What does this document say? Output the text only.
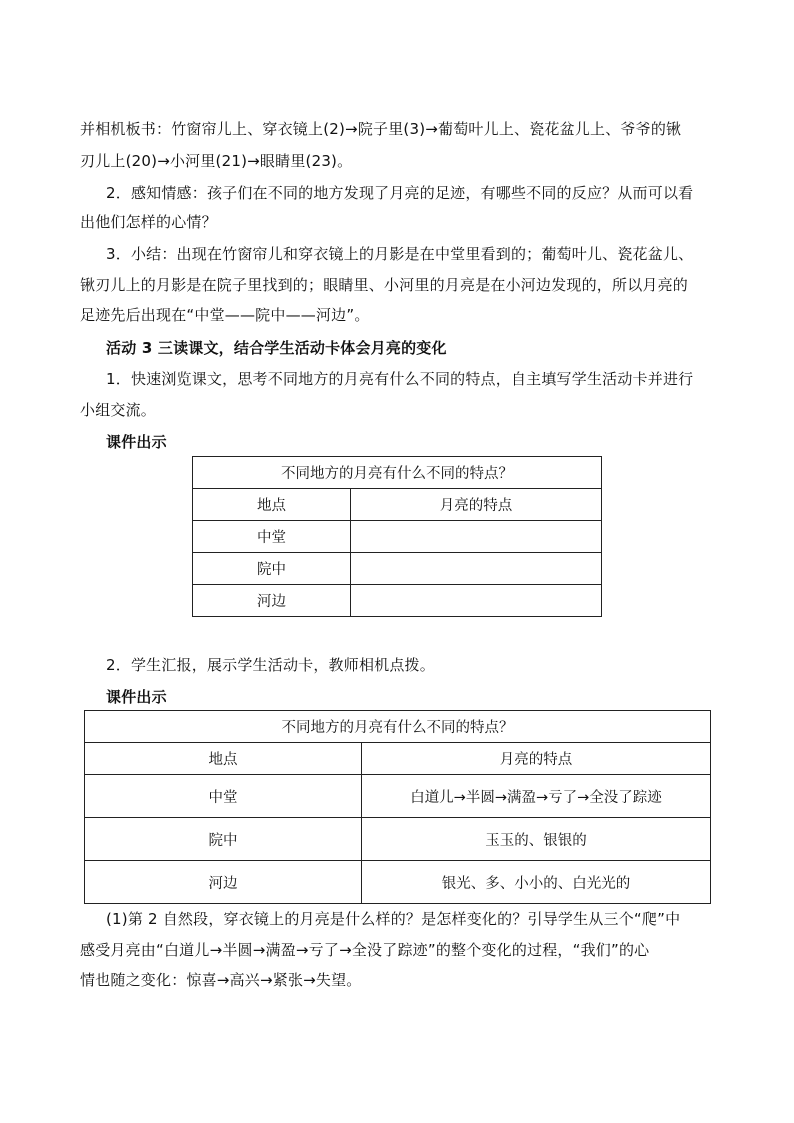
并相机板书：竹窗帘儿上、穿衣镜上(2)→院子里(3)→葡萄叶儿上、瓷花盆儿上、爷爷的锹
刃儿上(20)→小河里(21)→眼睛里(23)。
2．感知情感：孩子们在不同的地方发现了月亮的足迹，有哪些不同的反应？从而可以看
出他们怎样的心情？
3．小结：出现在竹窗帘儿和穿衣镜上的月影是在中堂里看到的；葡萄叶儿、瓷花盆儿、
锹刃儿上的月影是在院子里找到的；眼睛里、小河里的月亮是在小河边发现的，所以月亮的
足迹先后出现在“中堂——院中——河边”。
活动 3 三读课文，结合学生活动卡体会月亮的变化
1．快速浏览课文，思考不同地方的月亮有什么不同的特点，自主填写学生活动卡并进行
小组交流。
课件出示
不同地方的月亮有什么不同的特点？	
地点	月亮的特点
中堂	
院中	
河边	
2．学生汇报，展示学生活动卡，教师相机点拨。
课件出示
不同地方的月亮有什么不同的特点？	
地点	月亮的特点
中堂	白道儿→半圆→满盈→亏了→全没了踪迹
院中	玉玉的、银银的
河边	银光、多、小小的、白光光的
(1)第 2 自然段，穿衣镜上的月亮是什么样的？是怎样变化的？引导学生从三个“爬”中
感受月亮由“白道儿→半圆→满盈→亏了→全没了踪迹”的整个变化的过程，“我们”的心
情也随之变化：惊喜→高兴→紧张→失望。
